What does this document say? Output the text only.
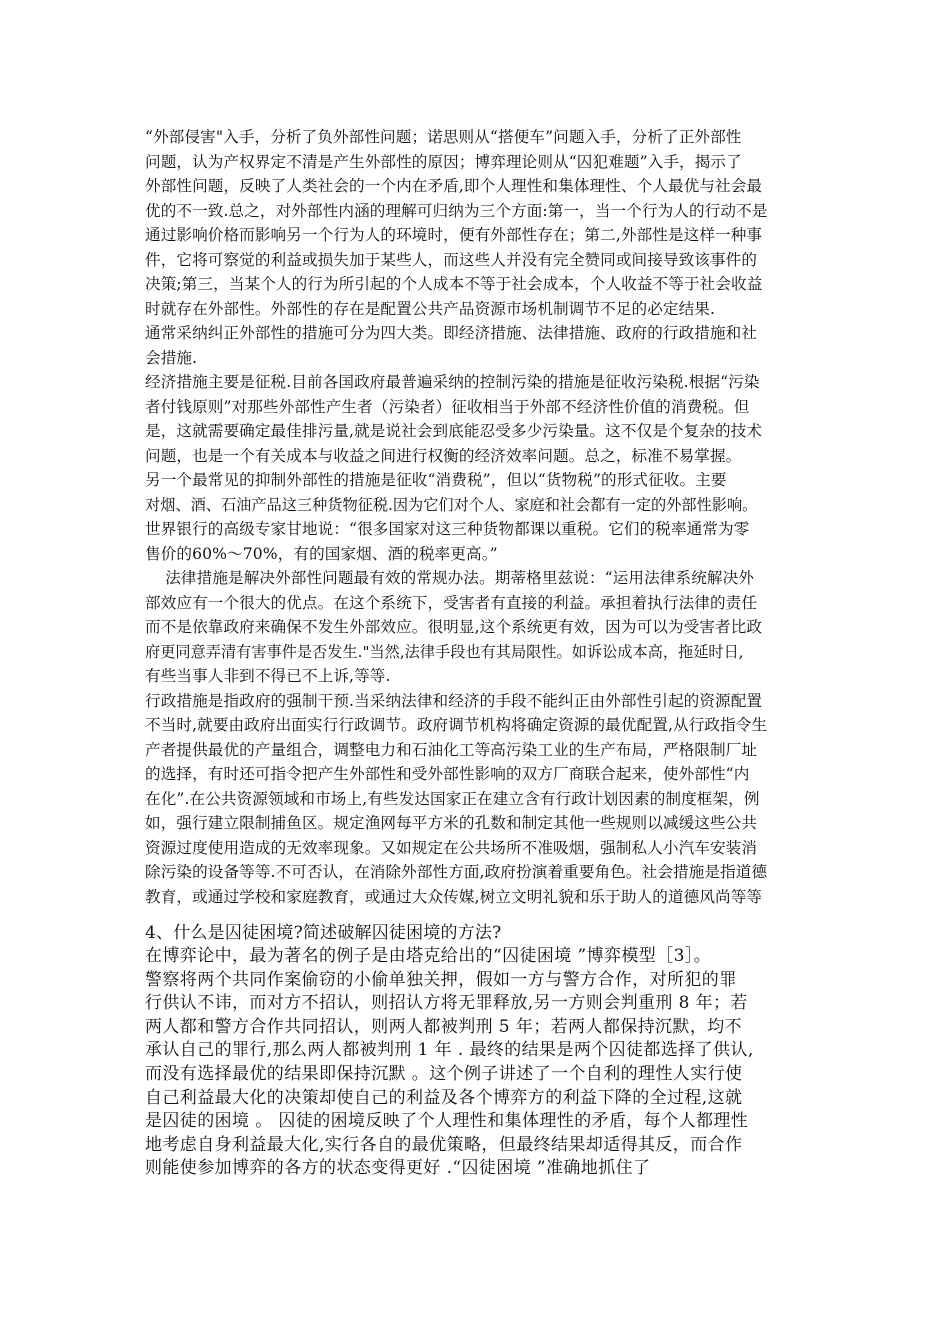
“外部侵害"入手，分析了负外部性问题；诺思则从“搭便车”问题入手，分析了正外部性
问题，认为产权界定不清是产生外部性的原因；博弈理论则从“囚犯难题”入手，揭示了
外部性问题，反映了人类社会的一个内在矛盾,即个人理性和集体理性、个人最优与社会最
优的不一致.总之，对外部性内涵的理解可归纳为三个方面:第一，当一个行为人的行动不是
通过影响价格而影响另一个行为人的环境时，便有外部性存在；第二,外部性是这样一种事
件，它将可察觉的利益或损失加于某些人，而这些人并没有完全赞同或间接导致该事件的
决策;第三，当某个人的行为所引起的个人成本不等于社会成本，个人收益不等于社会收益
时就存在外部性。外部性的存在是配置公共产品资源市场机制调节不足的必定结果.
通常采纳纠正外部性的措施可分为四大类。即经济措施、法律措施、政府的行政措施和社
会措施.
经济措施主要是征税.目前各国政府最普遍采纳的控制污染的措施是征收污染税.根据“污染
者付钱原则”对那些外部性产生者（污染者）征收相当于外部不经济性价值的消费税。但
是，这就需要确定最佳排污量,就是说社会到底能忍受多少污染量。这不仅是个复杂的技术
问题，也是一个有关成本与收益之间进行权衡的经济效率问题。总之，标准不易掌握。
另一个最常见的抑制外部性的措施是征收“消费税”，但以“货物税”的形式征收。主要
对烟、酒、石油产品这三种货物征税.因为它们对个人、家庭和社会都有一定的外部性影响。
世界银行的高级专家甘地说：“很多国家对这三种货物都课以重税。它们的税率通常为零
售价的60%～70%，有的国家烟、酒的税率更高。”
法律措施是解决外部性问题最有效的常规办法。期蒂格里兹说：“运用法律系统解决外
部效应有一个很大的优点。在这个系统下，受害者有直接的利益。承担着执行法律的责任
而不是依靠政府来确保不发生外部效应。很明显,这个系统更有效，因为可以为受害者比政
府更同意弄清有害事件是否发生."当然,法律手段也有其局限性。如诉讼成本高，拖延时日,
有些当事人非到不得已不上诉,等等.
行政措施是指政府的强制干预.当采纳法律和经济的手段不能纠正由外部性引起的资源配置
不当时,就要由政府出面实行行政调节。政府调节机构将确定资源的最优配置,从行政指令生
产者提供最优的产量组合，调整电力和石油化工等高污染工业的生产布局，严格限制厂址
的选择，有时还可指令把产生外部性和受外部性影响的双方厂商联合起来，使外部性“内
在化”.在公共资源领域和市场上,有些发达国家正在建立含有行政计划因素的制度框架，例
如，强行建立限制捕鱼区。规定渔网每平方米的孔数和制定其他一些规则以减缓这些公共
资源过度使用造成的无效率现象。又如规定在公共场所不准吸烟，强制私人小汽车安装消
除污染的设备等等.不可否认，在消除外部性方面,政府扮演着重要角色。社会措施是指道德
教育，或通过学校和家庭教育，或通过大众传媒,树立文明礼貌和乐于助人的道德风尚等等
4、什么是囚徒困境?简述破解囚徒困境的方法?
在博弈论中，最为著名的例子是由塔克给出的“囚徒困境 ”博弈模型［3］。
警察将两个共同作案偷窃的小偷单独关押，假如一方与警方合作，对所犯的罪
行供认不讳，而对方不招认，则招认方将无罪释放,另一方则会判重刑 8 年；若
两人都和警方合作共同招认，则两人都被判刑 5 年；若两人都保持沉默，均不
承认自己的罪行,那么两人都被判刑 1 年 . 最终的结果是两个囚徒都选择了供认,
而没有选择最优的结果即保持沉默 。这个例子讲述了一个自利的理性人实行使
自己利益最大化的决策却使自己的利益及各个博弈方的利益下降的全过程,这就
是囚徒的困境 。 囚徒的困境反映了个人理性和集体理性的矛盾，每个人都理性
地考虑自身利益最大化,实行各自的最优策略，但最终结果却适得其反，而合作
则能使参加博弈的各方的状态变得更好 .“囚徒困境 ”准确地抓住了
